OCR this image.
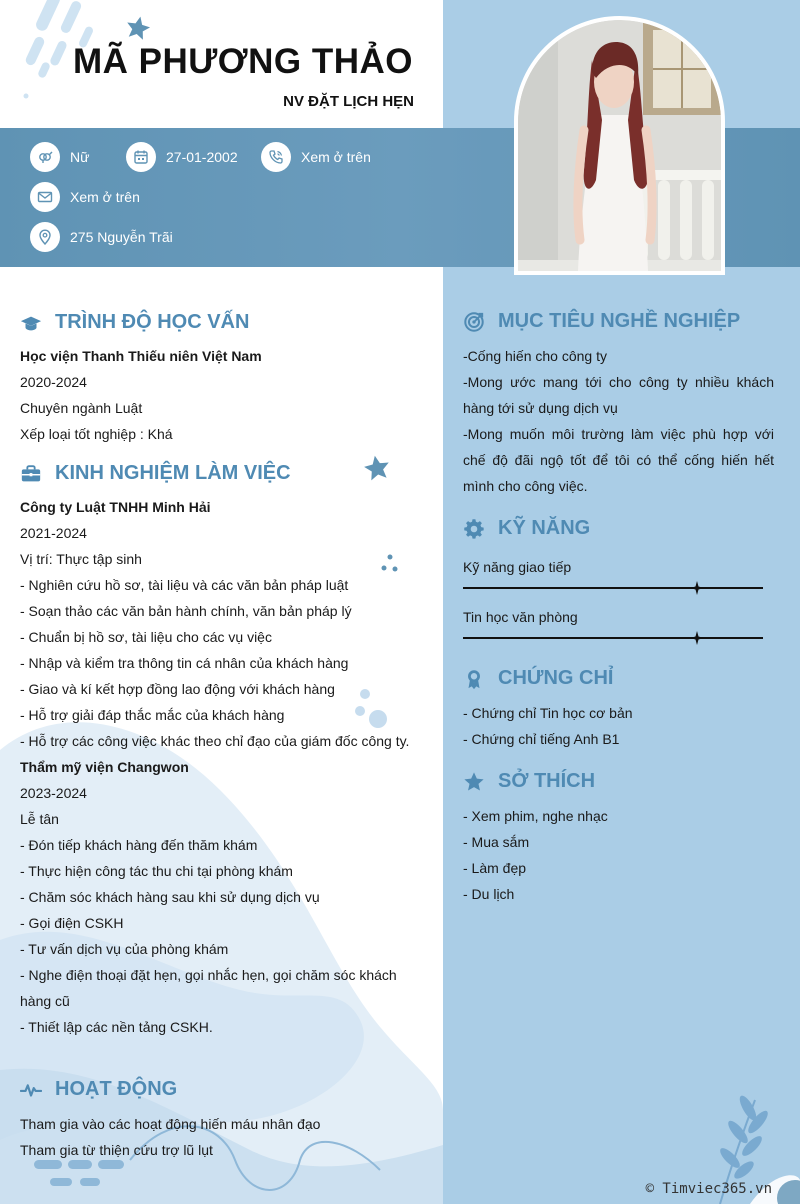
MÃ PHƯƠNG THẢO
NV ĐẶT LỊCH HẸN
Nữ	27-01-2002	Xem ở trên
Xem ở trên
275 Nguyễn Trãi
TRÌNH ĐỘ HỌC VẤN
Học viện Thanh Thiếu niên Việt Nam
2020-2024
Chuyên ngành Luật
Xếp loại tốt nghiệp : Khá
KINH NGHIỆM LÀM VIỆC
Công ty Luật TNHH Minh Hải
2021-2024
Vị trí: Thực tập sinh
- Nghiên cứu hồ sơ, tài liệu và các văn bản pháp luật
- Soạn thảo các văn bản hành chính, văn bản pháp lý
- Chuẩn bị hồ sơ, tài liệu cho các vụ việc
- Nhập và kiểm tra thông tin cá nhân của khách hàng
- Giao và kí kết hợp đồng lao động với khách hàng
- Hỗ trợ giải đáp thắc mắc của khách hàng
- Hỗ trợ các công việc khác theo chỉ đạo của giám đốc công ty.
Thẩm mỹ viện Changwon
2023-2024
Lễ tân
- Đón tiếp khách hàng đến thăm khám
- Thực hiện công tác thu chi tại phòng khám
- Chăm sóc khách hàng sau khi sử dụng dịch vụ
- Gọi điện CSKH
- Tư vấn dịch vụ của phòng khám
- Nghe điện thoại đặt hẹn, gọi nhắc hẹn, gọi chăm sóc khách hàng cũ
- Thiết lập các nền tảng CSKH.
HOẠT ĐỘNG
Tham gia vào các hoạt động hiến máu nhân đạo
Tham gia từ thiện cứu trợ lũ lụt
MỤC TIÊU NGHỀ NGHIỆP
-Cống hiến cho công ty
-Mong ước mang tới cho công ty nhiều khách hàng tới sử dụng dịch vụ
-Mong muốn môi trường làm việc phù hợp với chế độ đãi ngộ tốt để tôi có thể cống hiến hết mình cho công việc.
KỸ NĂNG
Kỹ năng giao tiếp
Tin học văn phòng
CHỨNG CHỈ
- Chứng chỉ Tin học cơ bản
- Chứng chỉ tiếng Anh B1
SỞ THÍCH
- Xem phim, nghe nhạc
- Mua sắm
- Làm đẹp
- Du lịch
© Timviec365.vn
